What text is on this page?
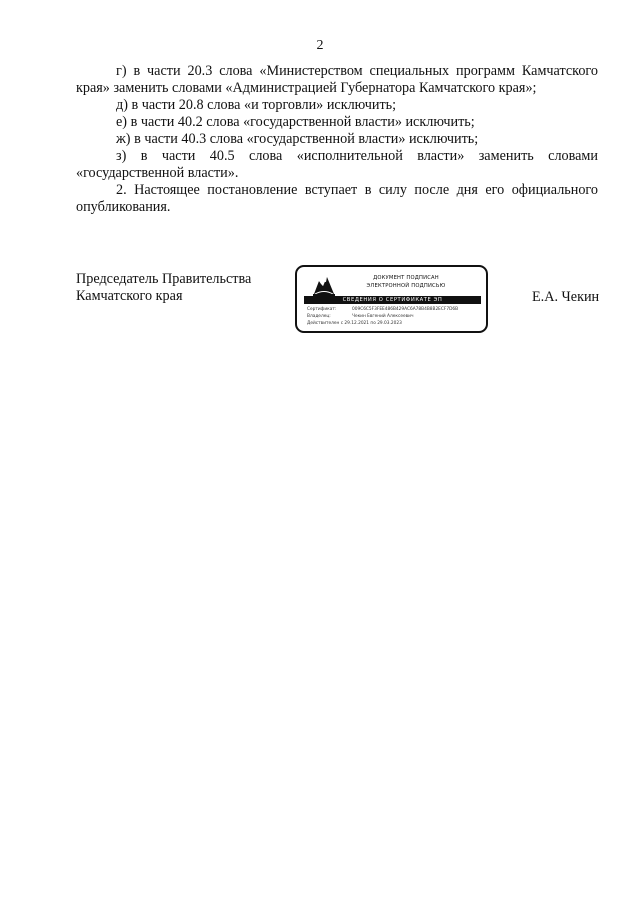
2
г) в части 20.3 слова «Министерством специальных программ Камчатского
края» заменить словами «Администрацией Губернатора Камчатского края»;
д) в части 20.8 слова «и торговли» исключить;
е) в части 40.2 слова «государственной власти» исключить;
ж) в части 40.3 слова «государственной власти» исключить;
з) в части 40.5 слова «исполнительной власти» заменить словами
«государственной власти».
2. Настоящее постановление вступает в силу после дня его официального
опубликования.
Председатель Правительства
Камчатского края	Е.А. Чекин
ДОКУМЕНТ ПОДПИСАН
ЭЛЕКТРОННОЙ ПОДПИСЬЮ
СВЕДЕНИЯ О СЕРТИФИКАТЕ ЭП
Сертификат:	009С6С5F3FEE486B429AC6A78B4B8B2ECF7D6B
Владелец:	Чекин Евгений Алексеевич
Действителен с 29.12.2021 по 29.03.2023
